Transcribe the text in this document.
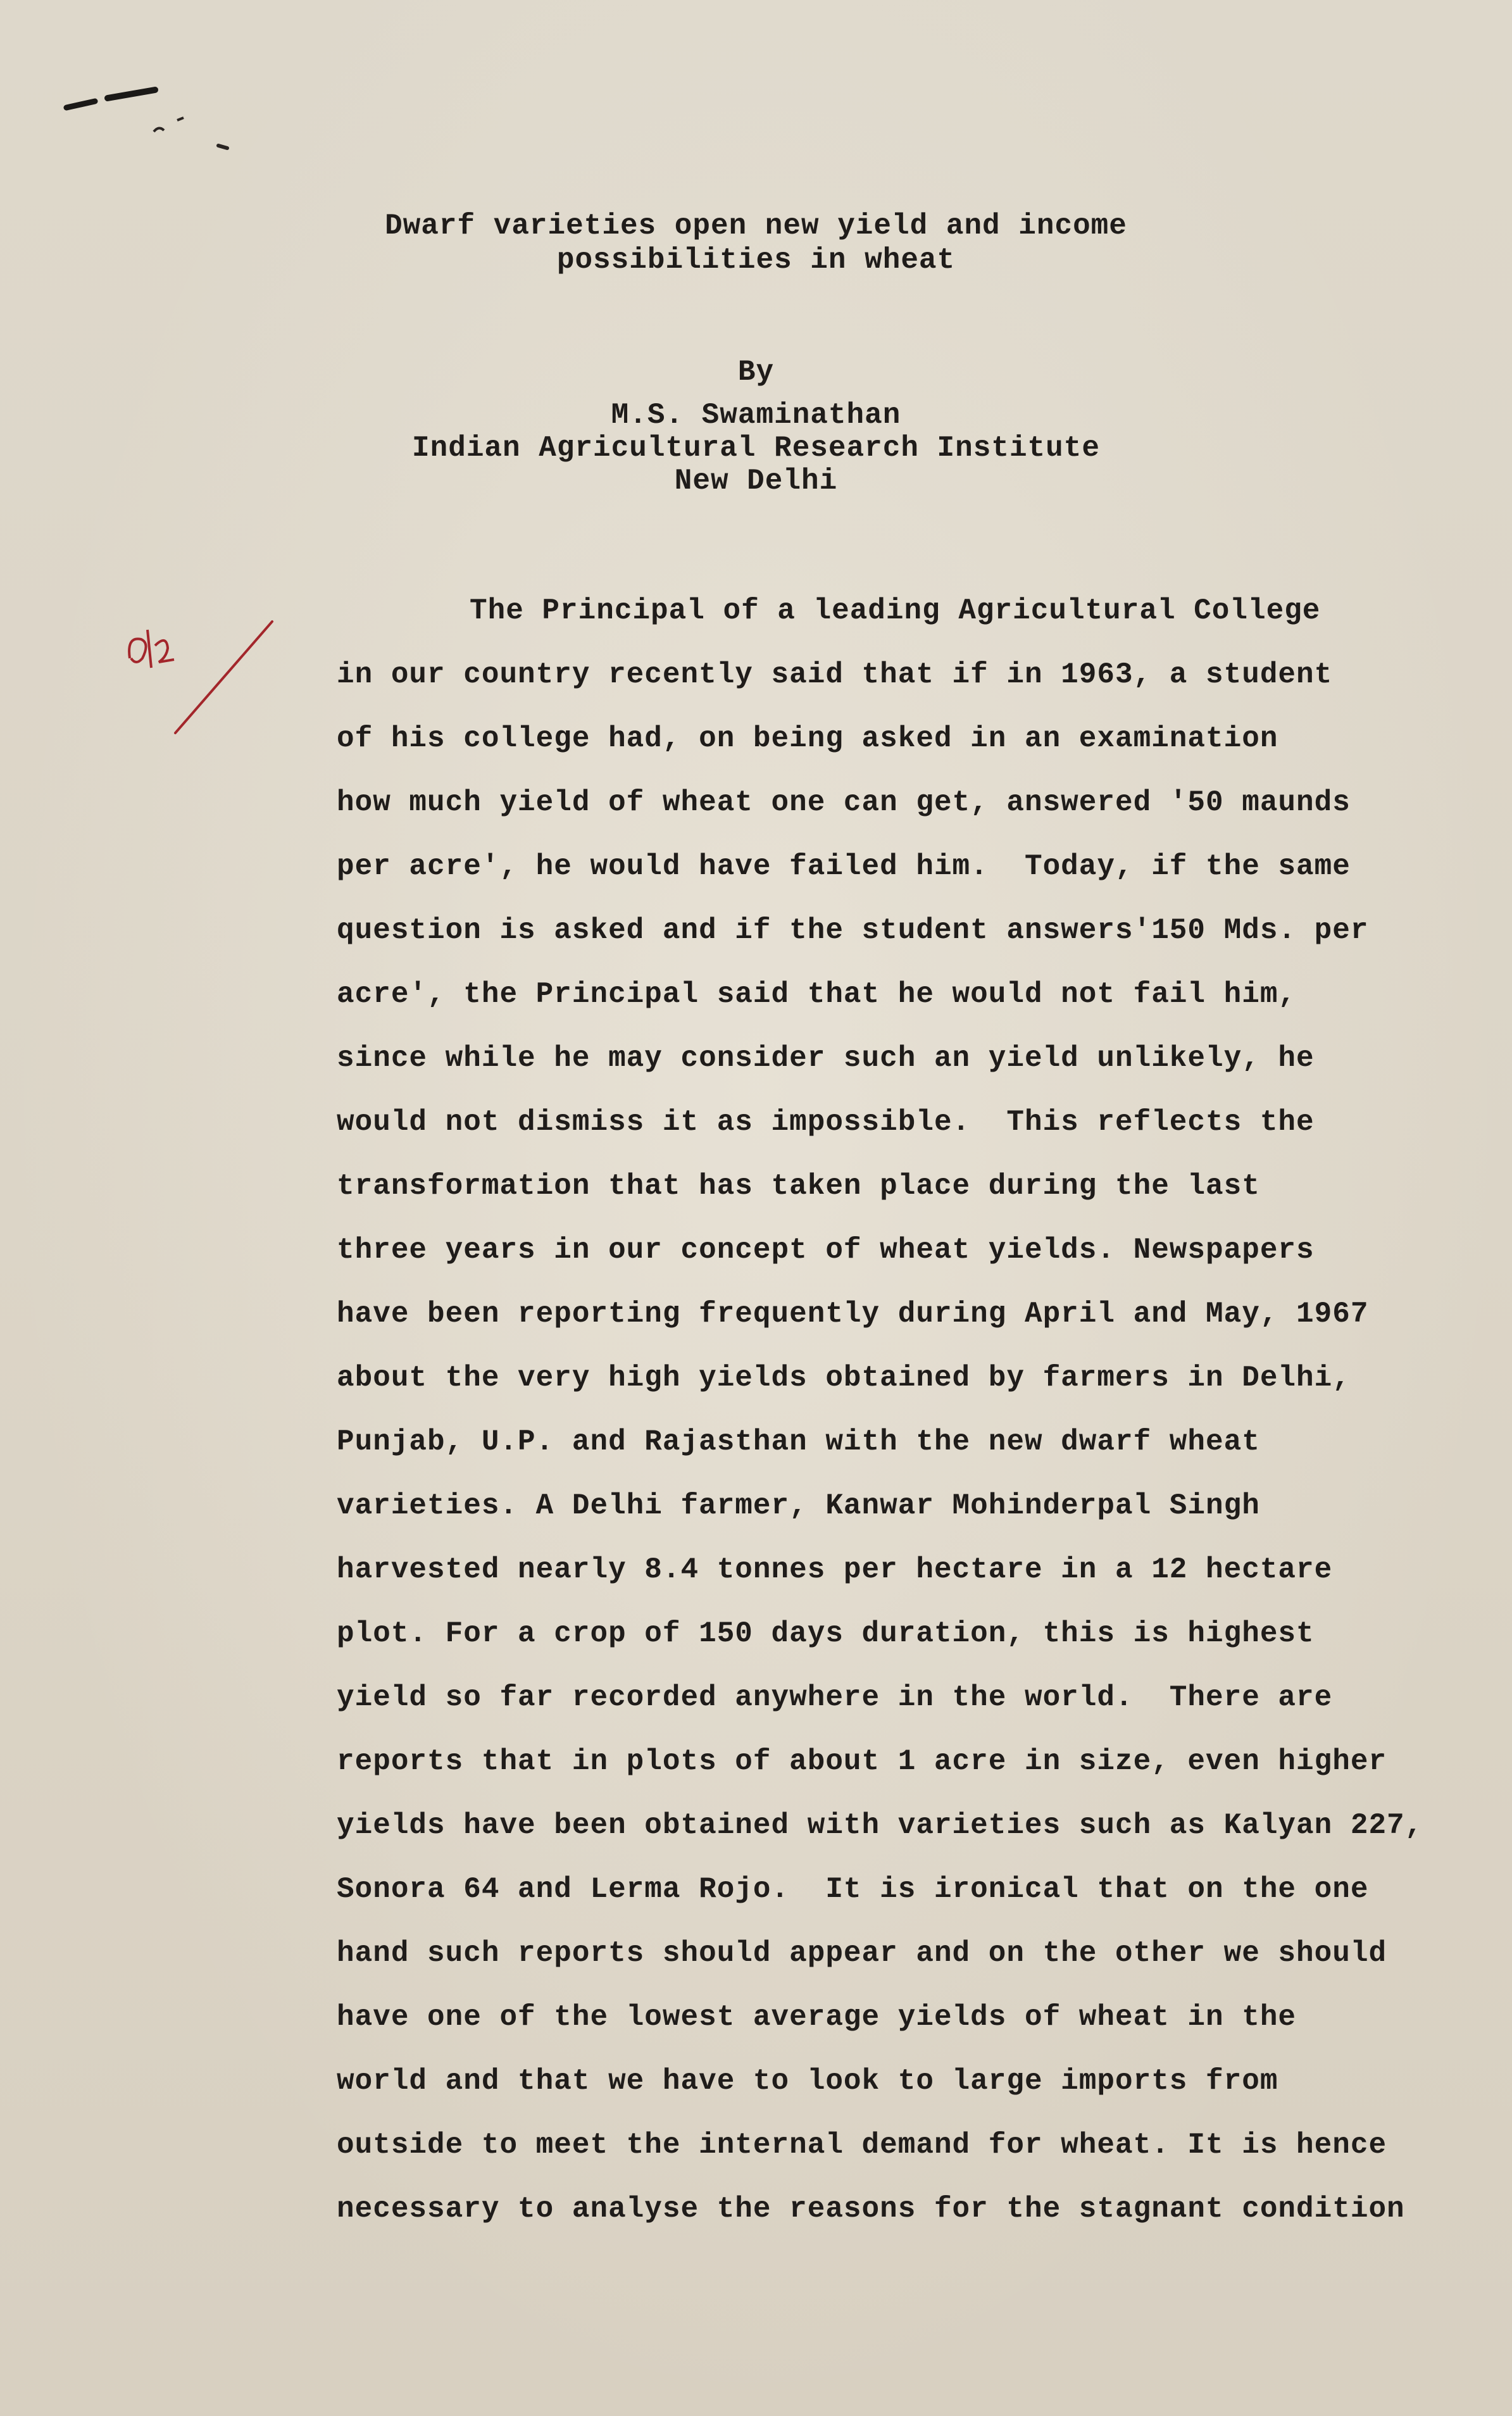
Dwarf varieties open new yield and income
possibilities in wheat
By
M.S. Swaminathan
Indian Agricultural Research Institute
New Delhi
The Principal of a leading Agricultural College
in our country recently said that if in 1963, a student
of his college had, on being asked in an examination
how much yield of wheat one can get, answered '50 maunds
per acre', he would have failed him.  Today, if the same
question is asked and if the student answers'150 Mds. per
acre', the Principal said that he would not fail him,
since while he may consider such an yield unlikely, he
would not dismiss it as impossible.  This reflects the
transformation that has taken place during the last
three years in our concept of wheat yields. Newspapers
have been reporting frequently during April and May, 1967
about the very high yields obtained by farmers in Delhi,
Punjab, U.P. and Rajasthan with the new dwarf wheat
varieties. A Delhi farmer, Kanwar Mohinderpal Singh
harvested nearly 8.4 tonnes per hectare in a 12 hectare
plot. For a crop of 150 days duration, this is highest
yield so far recorded anywhere in the world.  There are
reports that in plots of about 1 acre in size, even higher
yields have been obtained with varieties such as Kalyan 227,
Sonora 64 and Lerma Rojo.  It is ironical that on the one
hand such reports should appear and on the other we should
have one of the lowest average yields of wheat in the
world and that we have to look to large imports from
outside to meet the internal demand for wheat. It is hence
necessary to analyse the reasons for the stagnant condition
